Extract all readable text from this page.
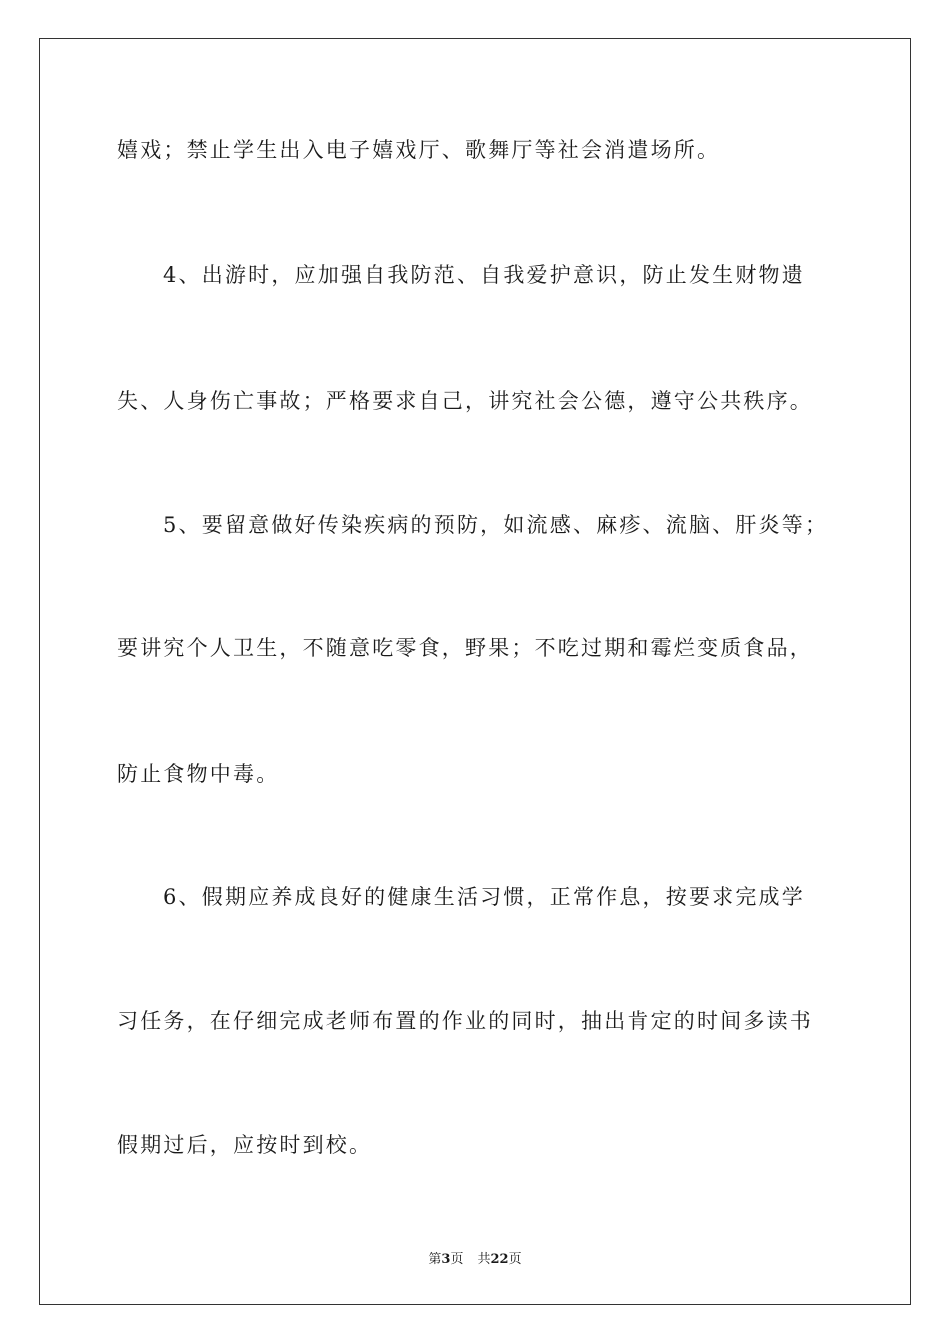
嬉戏；禁止学生出入电子嬉戏厅、歌舞厅等社会消遣场所。
4、出游时，应加强自我防范、自我爱护意识，防止发生财物遗
失、人身伤亡事故；严格要求自己，讲究社会公德，遵守公共秩序。
5、要留意做好传染疾病的预防，如流感、麻疹、流脑、肝炎等；
要讲究个人卫生，不随意吃零食，野果；不吃过期和霉烂变质食品，
防止食物中毒。
6、假期应养成良好的健康生活习惯，正常作息，按要求完成学
习任务，在仔细完成老师布置的作业的同时，抽出肯定的时间多读书
假期过后，应按时到校。
第3页 共22页
